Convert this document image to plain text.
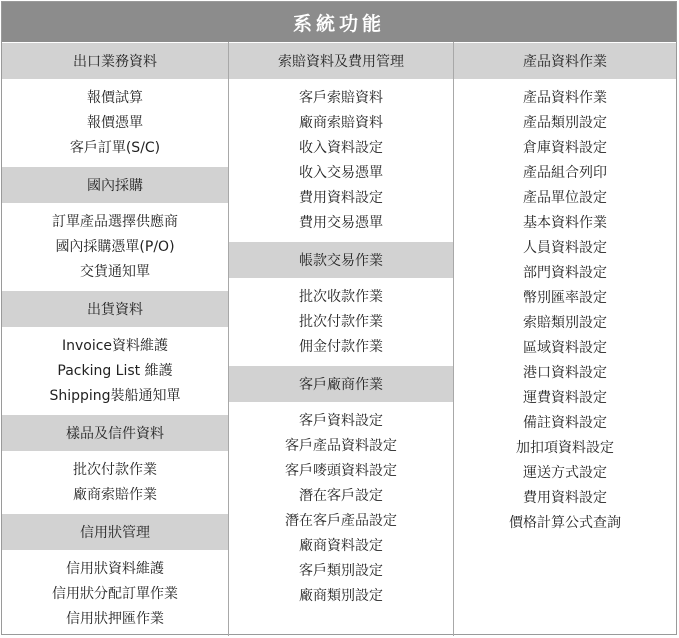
系統功能
出口業務資料
報價試算
報價憑單
客戶訂單(S/C)
國內採購
訂單產品選擇供應商
國內採購憑單(P/O)
交貨通知單
出貨資料
Invoice資料維護
Packing List 維護
Shipping裝船通知單
樣品及信件資料
批次付款作業
廠商索賠作業
信用狀管理
信用狀資料維護
信用狀分配訂單作業
信用狀押匯作業
索賠資料及費用管理
客戶索賠資料
廠商索賠資料
收入資料設定
收入交易憑單
費用資料設定
費用交易憑單
帳款交易作業
批次收款作業
批次付款作業
佣金付款作業
客戶廠商作業
客戶資料設定
客戶產品資料設定
客戶嘜頭資料設定
潛在客戶設定
潛在客戶產品設定
廠商資料設定
客戶類別設定
廠商類別設定
產品資料作業
產品資料作業
產品類別設定
倉庫資料設定
產品組合列印
產品單位設定
基本資料作業
人員資料設定
部門資料設定
幣別匯率設定
索賠類別設定
區域資料設定
港口資料設定
運費資料設定
備註資料設定
加扣項資料設定
運送方式設定
費用資料設定
價格計算公式查詢
